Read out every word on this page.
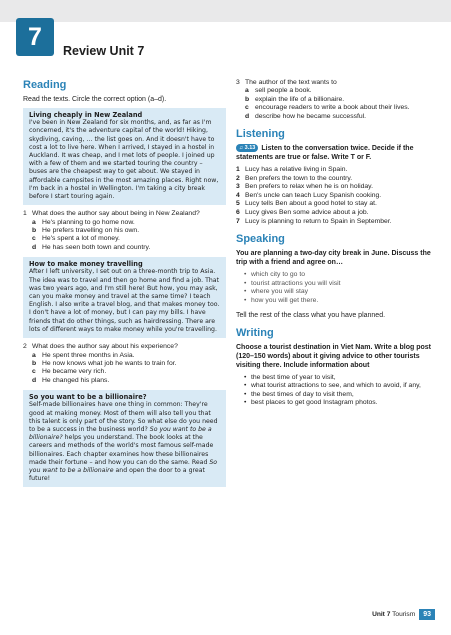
7	Review Unit 7
Reading
Read the texts. Circle the correct option (a–d).
Living cheaply in New Zealand
I've been in New Zealand for six months, and, as far as I'm concerned, it's the adventure capital of the world! Hiking, skydiving, caving, … the list goes on. And it doesn't have to cost a lot to live here. When I arrived, I stayed in a hostel in Auckland. It was cheap, and I met lots of people. I joined up with a few of them and we started touring the country – buses are the cheapest way to get about. We stayed in affordable campsites in the most amazing places. Right now, I'm back in a hostel in Wellington. I'm taking a city break before I start touring again.
1 What does the author say about being in New Zealand?
a He's planning to go home now.
b He prefers travelling on his own.
c He's spent a lot of money.
d He has seen both town and country.
How to make money travelling
After I left university, I set out on a three-month trip to Asia. The idea was to travel and then go home and find a job. That was two years ago, and I'm still here! But how, you may ask, can you make money and travel at the same time? I teach English. I also write a travel blog, and that makes money too. I don't have a lot of money, but I can pay my bills. I have friends that do other things, such as hairdressing. There are lots of different ways to make money while you're travelling.
2 What does the author say about his experience?
a He spent three months in Asia.
b He now knows what job he wants to train for.
c He became very rich.
d He changed his plans.
So you want to be a billionaire?
Self-made billionaires have one thing in common: They're good at making money. Most of them will also tell you that this talent is only part of the story. So what else do you need to be a success in the business world? So you want to be a billionaire? helps you understand. The book looks at the careers and methods of the world's most famous self-made billionaires. Each chapter examines how these billionaires made their fortune – and how you can do the same. Read So you want to be a billionaire and open the door to a great future!
3 The author of the text wants to
a sell people a book.
b explain the life of a billionaire.
c encourage readers to write a book about their lives.
d describe how he became successful.
Listening
♫ 3.13 Listen to the conversation twice. Decide if the statements are true or false. Write T or F.
1 Lucy has a relative living in Spain.
2 Ben prefers the town to the country.
3 Ben prefers to relax when he is on holiday.
4 Ben's uncle can teach Lucy Spanish cooking.
5 Lucy tells Ben about a good hotel to stay at.
6 Lucy gives Ben some advice about a job.
7 Lucy is planning to return to Spain in September.
Speaking
You are planning a two-day city break in June. Discuss the trip with a friend and agree on…
• which city to go to
• tourist attractions you will visit
• where you will stay
• how you will get there.
Tell the rest of the class what you have planned.
Writing
Choose a tourist destination in Viet Nam. Write a blog post (120–150 words) about it giving advice to other tourists visiting there. Include information about
• the best time of year to visit,
• what tourist attractions to see, and which to avoid, if any,
• the best times of day to visit them,
• best places to get good Instagram photos.
Unit 7 Tourism	93
